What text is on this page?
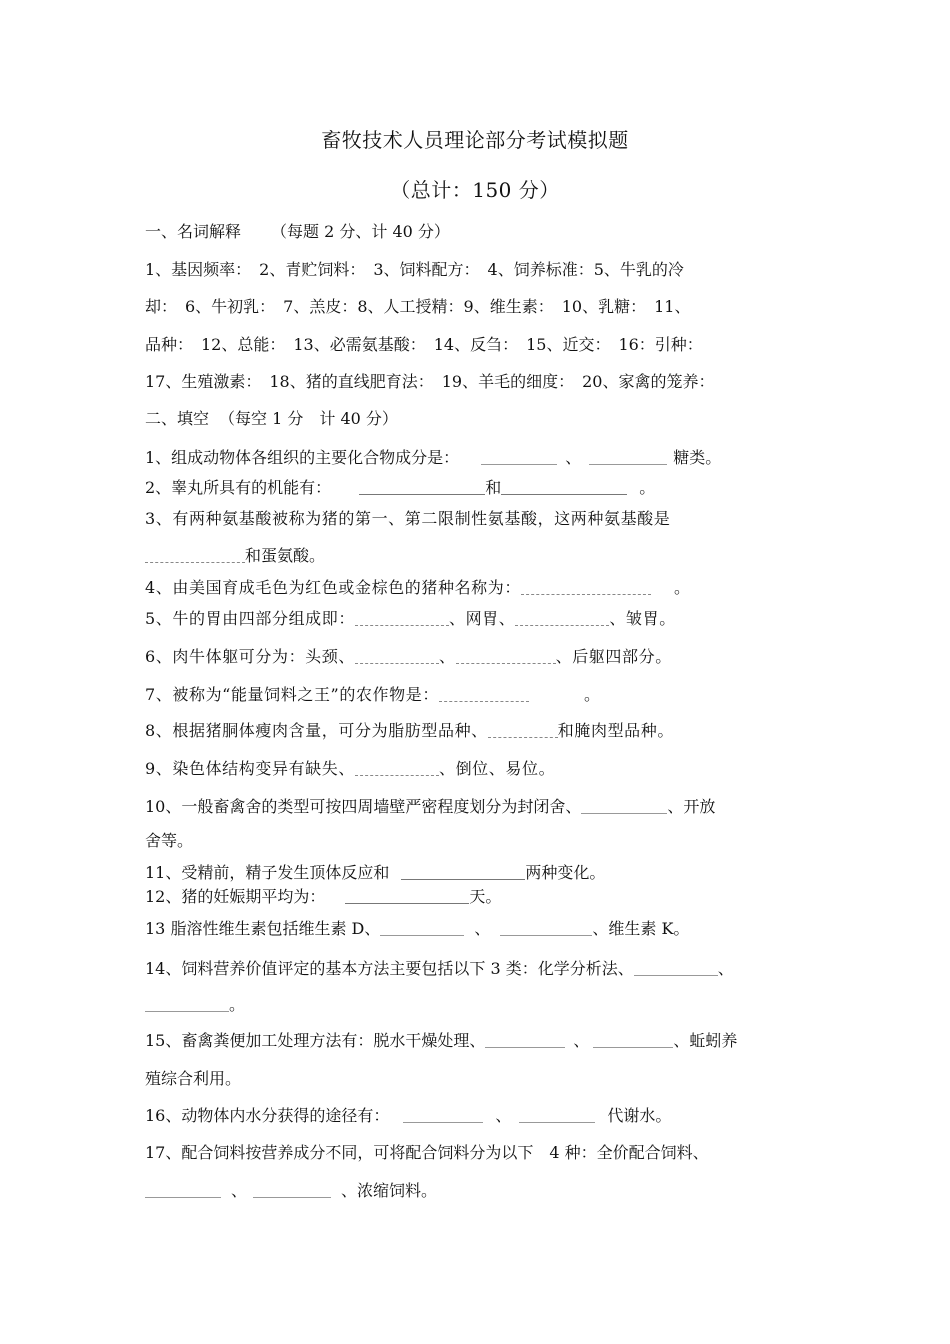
畜牧技术人员理论部分考试模拟题
（总计：150 分）
一、名词解释 （每题 2 分、计 40 分）
1、基因频率：　2、青贮饲料：　3、饲料配方：　4、饲养标准：5、牛乳的冷
却：　6、牛初乳：　7、羔皮：8、人工授精：9、维生素：　10、乳糖：　11、
品种：　12、总能：　13、必需氨基酸：　14、反刍：　15、近交：　16：引种：
17、生殖激素：　18、猪的直线肥育法：　19、羊毛的细度：　20、家禽的笼养：
二、填空 （每空 1 分　计 40 分）
1、组成动物体各组织的主要化合物成分是：	、	糖类。
2、睾丸所具有的机能有：	和	。
3、有两种氨基酸被称为猪的第一、第二限制性氨基酸，这两种氨基酸是
和蛋氨酸。
4、由美国育成毛色为红色或金棕色的猪种名称为：	。
5、牛的胃由四部分组成即：	、网胃、	、皱胃。
6、肉牛体躯可分为：头颈、	、	、后躯四部分。
7、被称为“能量饲料之王”的农作物是：	。
8、根据猪胴体瘦肉含量，可分为脂肪型品种、	和腌肉型品种。
9、染色体结构变异有缺失、	、倒位、易位。
10、一般畜禽舍的类型可按四周墙壁严密程度划分为封闭舍、	、开放
舍等。
11、受精前，精子发生顶体反应和	两种变化。
12、猪的妊娠期平均为：	天。
13 脂溶性维生素包括维生素 D、	、	、维生素 K。
14、饲料营养价值评定的基本方法主要包括以下 3 类：化学分析法、	、
。
15、畜禽粪便加工处理方法有：脱水干燥处理、	、	、蚯蚓养
殖综合利用。
16、动物体内水分获得的途径有：	、	代谢水。
17、配合饲料按营养成分不同，可将配合饲料分为以下　4 种：全价配合饲料、
、	、浓缩饲料。
